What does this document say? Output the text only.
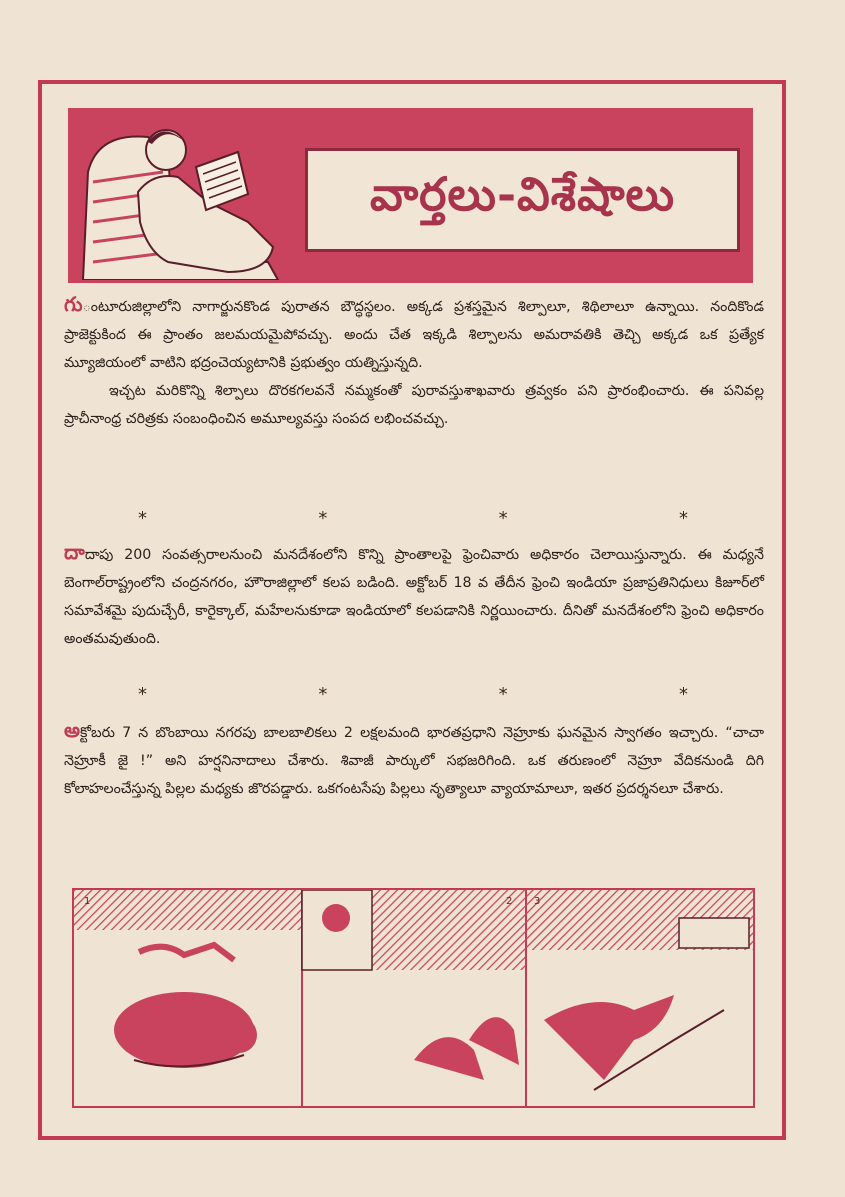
వార్తలు-విశేషాలు

గుంటూరుజిల్లాలోని నాగార్జునకొండ పురాతన బౌద్ధస్థలం. అక్కడ ప్రశస్తమైన శిల్పాలూ, శిథిలాలూ ఉన్నాయి. నందికొండ ప్రాజెక్టుకింద ఈ ప్రాంతం జలమయమైపోవచ్చు. అందు చేత ఇక్కడి శిల్పాలను అమరావతికి తెచ్చి అక్కడ ఒక ప్రత్యేక మ్యూజియంలో వాటిని భద్రంచెయ్యటానికి ప్రభుత్వం యత్నిస్తున్నది.

ఇచ్చట మరికొన్ని శిల్పాలు దొరకగలవనే నమ్మకంతో పురావస్తుశాఖవారు త్రవ్వకం పని ప్రారంభించారు. ఈ పనివల్ల ప్రాచీనాంధ్ర చరిత్రకు సంబంధించిన అమూల్యవస్తు సంపద లభించవచ్చు.

*	*	*	*

దాదాపు 200 సంవత్సరాలనుంచి మనదేశంలోని కొన్ని ప్రాంతాలపై ఫ్రెంచివారు అధికారం చెలాయిస్తున్నారు. ఈ మధ్యనే బెంగాల్‌రాష్ట్రంలోని చంద్రనగరం, హౌరాజిల్లాలో కలప బడింది. అక్టోబర్ 18 వ తేదీన ఫ్రెంచి ఇండియా ప్రజాప్రతినిధులు కిజూర్‌లో సమావేశమై పుదుచ్చేరీ, కారైక్కాల్, మహేలనుకూడా ఇండియాలో కలపడానికి నిర్ణయించారు. దీనితో మనదేశంలోని ఫ్రెంచి అధికారం అంతమవుతుంది.

*	*	*	*

అక్టోబరు 7 న బొంబాయి నగరపు బాలబాలికలు 2 లక్షలమంది భారతప్రధాని నెహ్రూకు ఘనమైన స్వాగతం ఇచ్చారు. “చాచా నెహ్రూకీ జై !” అని హర్షనినాదాలు చేశారు. శివాజీ పార్కులో సభజరిగింది. ఒక తరుణంలో నెహ్రూ వేదికనుండి దిగి కోలాహలంచేస్తున్న పిల్లల మధ్యకు జొరపడ్డారు. ఒకగంటసేపు పిల్లలు నృత్యాలూ వ్యాయామాలూ, ఇతర ప్రదర్శనలూ చేశారు.

1	2 3
